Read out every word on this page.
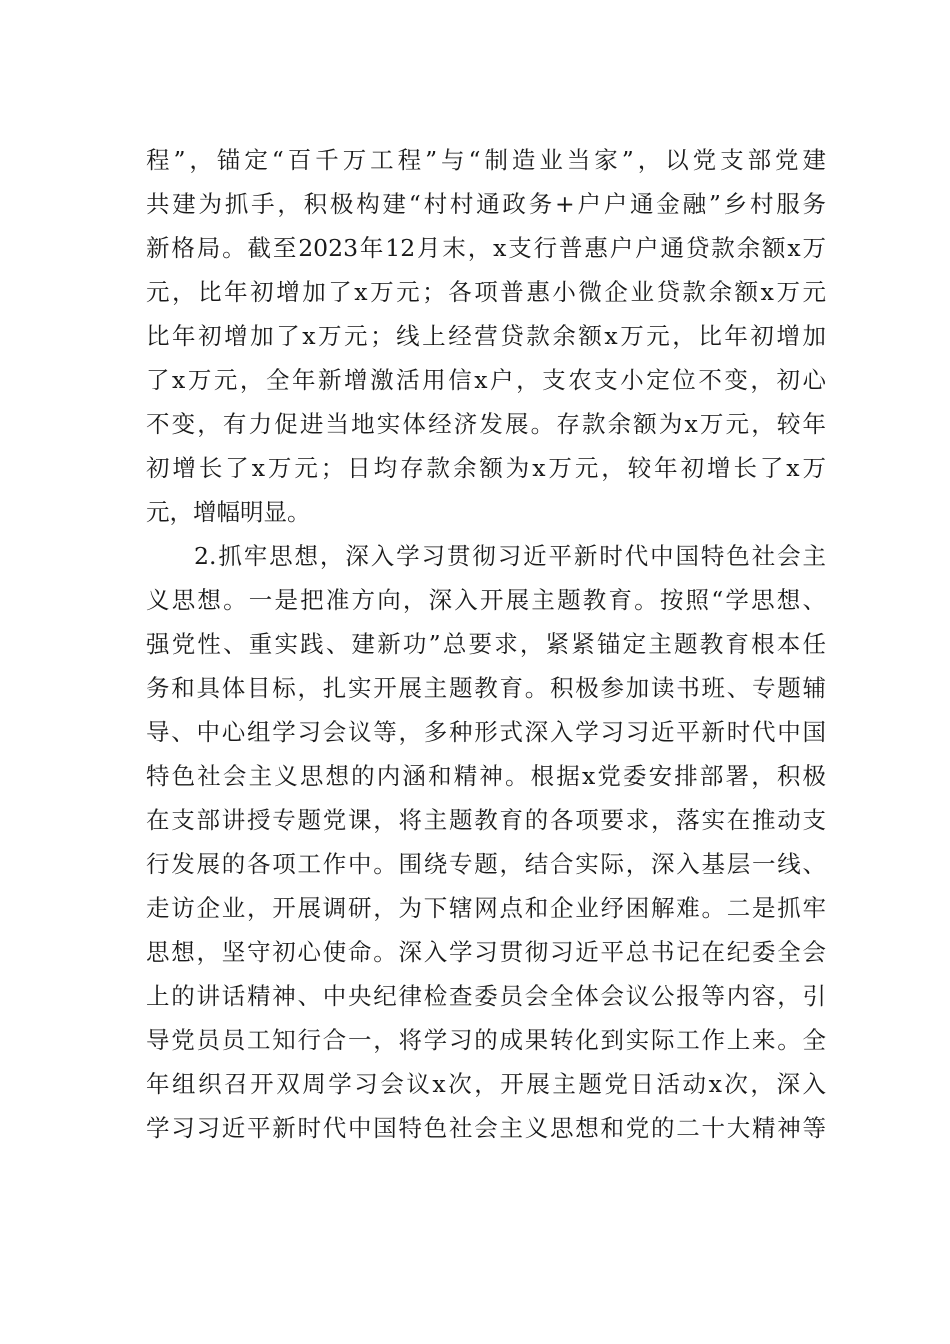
程”，锚定“百千万工程”与“制造业当家”，以党支部党建
共建为抓手，积极构建“村村通政务+户户通金融”乡村服务
新格局。截至2023年12月末，x支行普惠户户通贷款余额x万
元，比年初增加了x万元；各项普惠小微企业贷款余额x万元
比年初增加了x万元；线上经营贷款余额x万元，比年初增加
了x万元，全年新增激活用信x户，支农支小定位不变，初心
不变，有力促进当地实体经济发展。存款余额为x万元，较年
初增长了x万元；日均存款余额为x万元，较年初增长了x万
元，增幅明显。
2.抓牢思想，深入学习贯彻习近平新时代中国特色社会主
义思想。一是把准方向，深入开展主题教育。按照“学思想、
强党性、重实践、建新功”总要求，紧紧锚定主题教育根本任
务和具体目标，扎实开展主题教育。积极参加读书班、专题辅
导、中心组学习会议等，多种形式深入学习习近平新时代中国
特色社会主义思想的内涵和精神。根据x党委安排部署，积极
在支部讲授专题党课，将主题教育的各项要求，落实在推动支
行发展的各项工作中。围绕专题，结合实际，深入基层一线、
走访企业，开展调研，为下辖网点和企业纾困解难。二是抓牢
思想，坚守初心使命。深入学习贯彻习近平总书记在纪委全会
上的讲话精神、中央纪律检查委员会全体会议公报等内容，引
导党员员工知行合一，将学习的成果转化到实际工作上来。全
年组织召开双周学习会议x次，开展主题党日活动x次，深入
学习习近平新时代中国特色社会主义思想和党的二十大精神等
